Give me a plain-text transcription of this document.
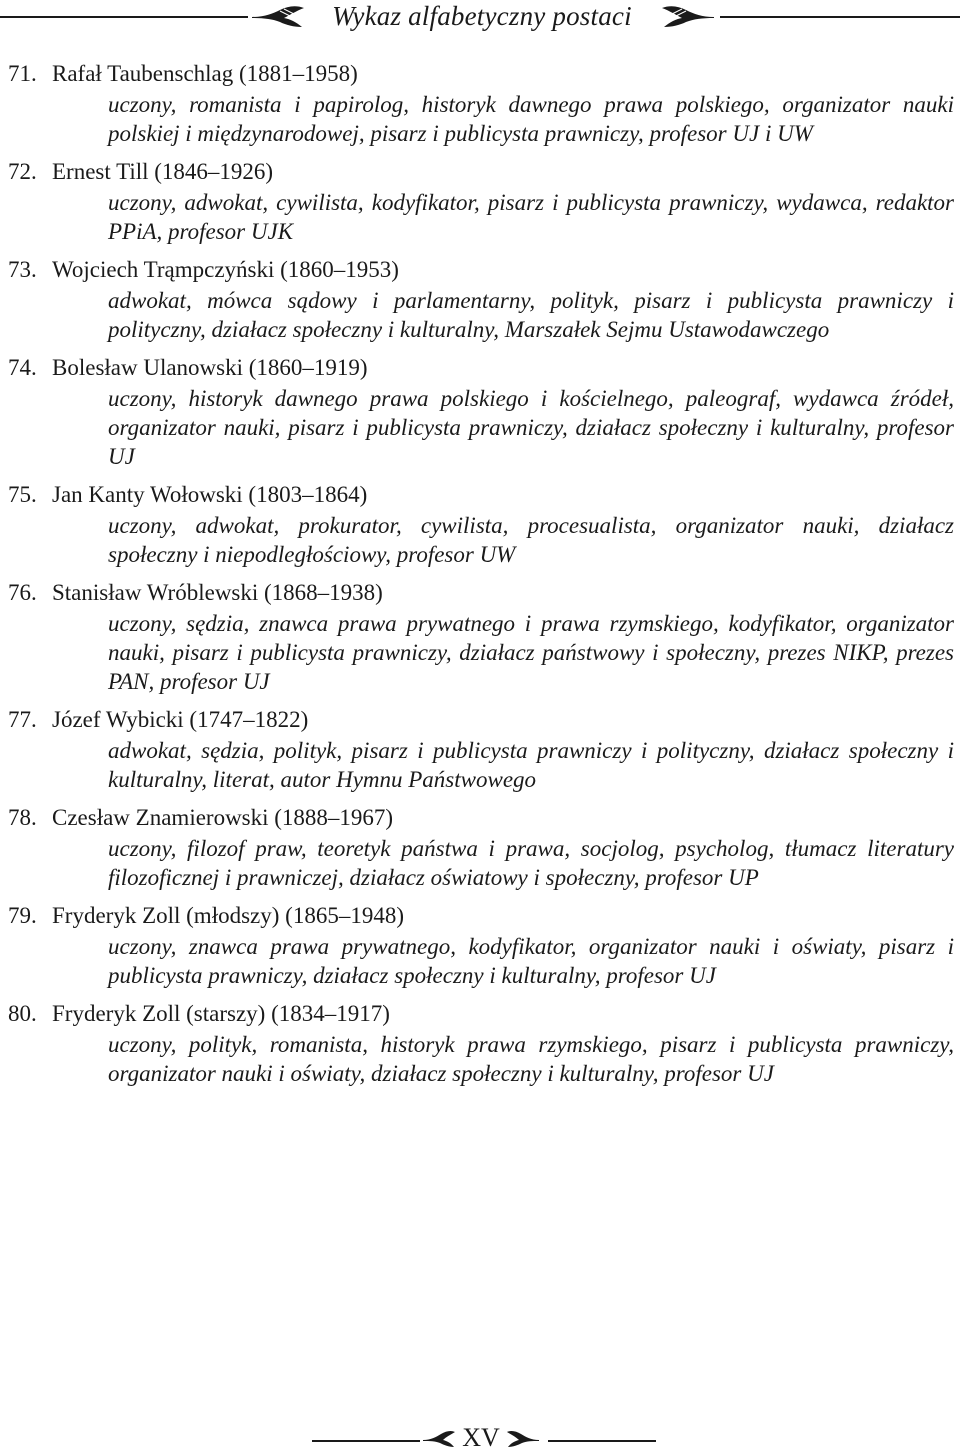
Wykaz alfabetyczny postaci
71. Rafał Taubenschlag (1881–1958)
uczony, romanista i papirolog, historyk dawnego prawa polskiego, organizator nauki polskiej i międzynarodowej, pisarz i publicysta prawniczy, profesor UJ i UW
72. Ernest Till (1846–1926)
uczony, adwokat, cywilista, kodyfikator, pisarz i publicysta prawniczy, wydawca, redaktor PPiA, profesor UJK
73. Wojciech Trąmpczyński (1860–1953)
adwokat, mówca sądowy i parlamentarny, polityk, pisarz i publicysta prawniczy i polityczny, działacz społeczny i kulturalny, Marszałek Sejmu Ustawodawczego
74. Bolesław Ulanowski (1860–1919)
uczony, historyk dawnego prawa polskiego i kościelnego, paleograf, wydawca źródeł, organizator nauki, pisarz i publicysta prawniczy, działacz społeczny i kulturalny, profesor UJ
75. Jan Kanty Wołowski (1803–1864)
uczony, adwokat, prokurator, cywilista, procesualista, organizator nauki, działacz społeczny i niepodległościowy, profesor UW
76. Stanisław Wróblewski (1868–1938)
uczony, sędzia, znawca prawa prywatnego i prawa rzymskiego, kodyfikator, organizator nauki, pisarz i publicysta prawniczy, działacz państwowy i społeczny, prezes NIKP, prezes PAN, profesor UJ
77. Józef Wybicki (1747–1822)
adwokat, sędzia, polityk, pisarz i publicysta prawniczy i polityczny, działacz społeczny i kulturalny, literat, autor Hymnu Państwowego
78. Czesław Znamierowski (1888–1967)
uczony, filozof praw, teoretyk państwa i prawa, socjolog, psycholog, tłumacz literatury filozoficznej i prawniczej, działacz oświatowy i społeczny, profesor UP
79. Fryderyk Zoll (młodszy) (1865–1948)
uczony, znawca prawa prywatnego, kodyfikator, organizator nauki i oświaty, pisarz i publicysta prawniczy, działacz społeczny i kulturalny, profesor UJ
80. Fryderyk Zoll (starszy) (1834–1917)
uczony, polityk, romanista, historyk prawa rzymskiego, pisarz i publicysta prawniczy, organizator nauki i oświaty, działacz społeczny i kulturalny, profesor UJ
XV
